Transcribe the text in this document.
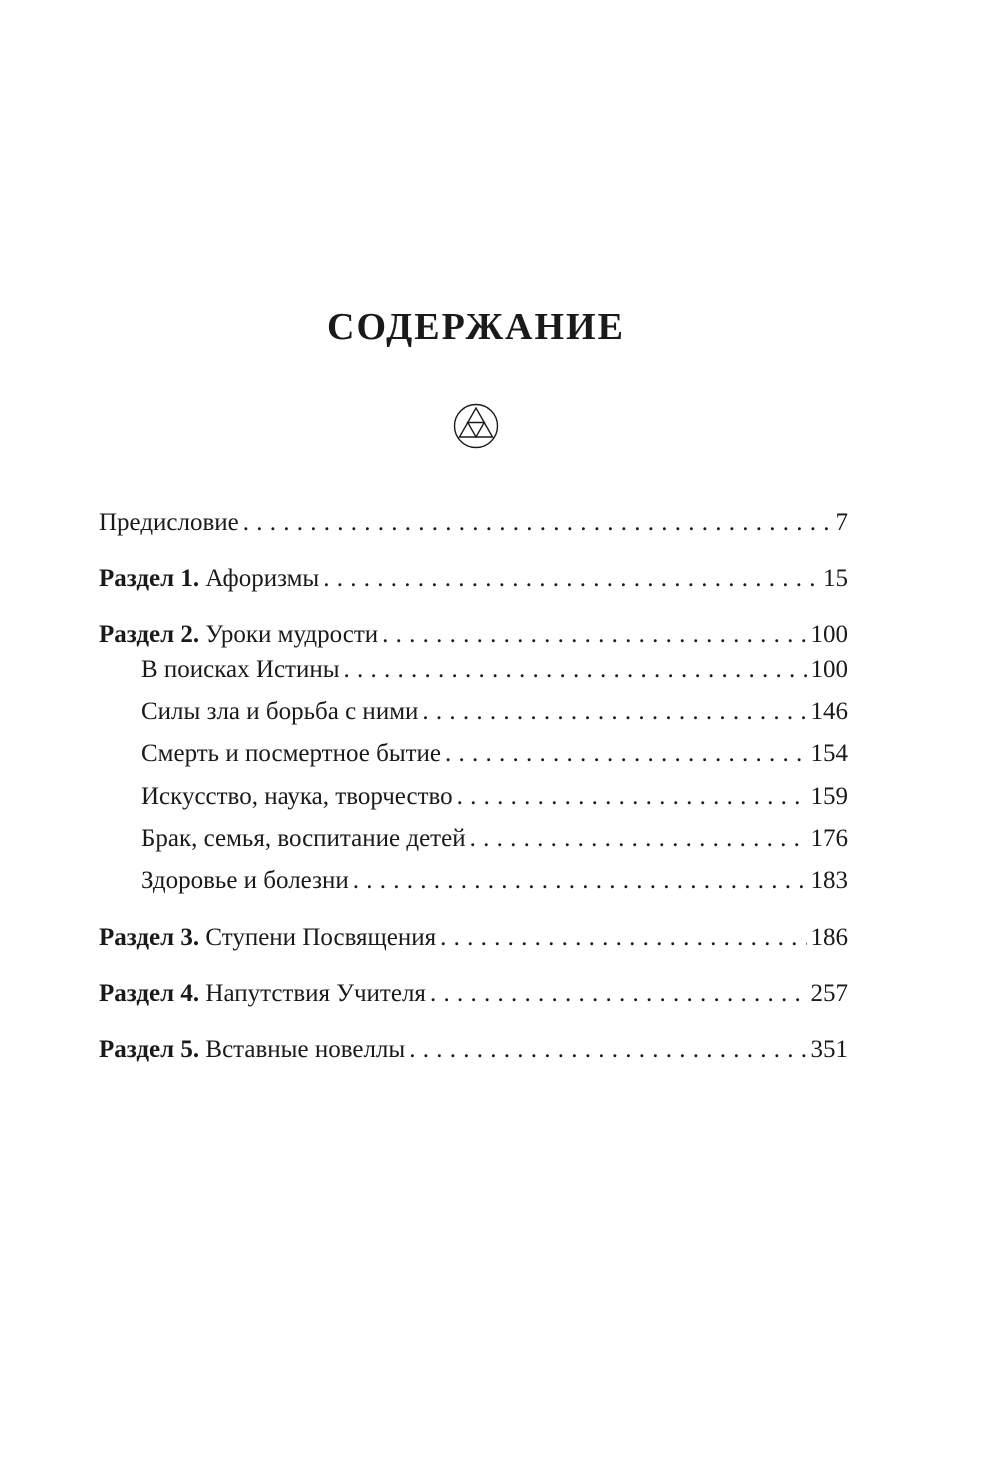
СОДЕРЖАНИЕ
Предисловие . . .	7
Раздел 1. Афоризмы . . .	15
Раздел 2. Уроки мудрости . . .	100
В поисках Истины . . .	100
Силы зла и борьба с ними . . .	146
Смерть и посмертное бытие . . .	154
Искусство, наука, творчество . . .	159
Брак, семья, воспитание детей . . .	176
Здоровье и болезни . . .	183
Раздел 3. Ступени Посвящения . . .	186
Раздел 4. Напутствия Учителя . . .	257
Раздел 5. Вставные новеллы . . .	351
